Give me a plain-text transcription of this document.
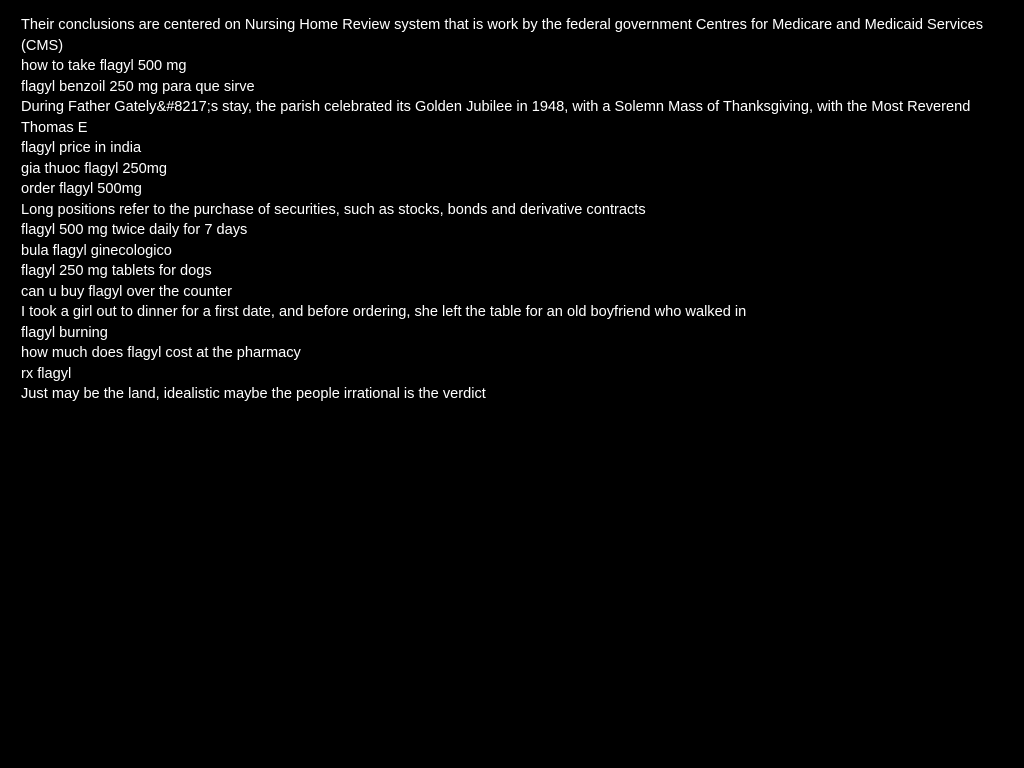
Their conclusions are centered on Nursing Home Review system that is work by the federal government Centres for Medicare and Medicaid Services (CMS)
how to take flagyl 500 mg
flagyl benzoil 250 mg para que sirve
During Father Gately&#8217;s stay, the parish celebrated its Golden Jubilee in 1948, with a Solemn Mass of Thanksgiving, with the Most Reverend Thomas E
flagyl price in india
gia thuoc flagyl 250mg
order flagyl 500mg
Long positions refer to the purchase of securities, such as stocks, bonds and derivative contracts
flagyl 500 mg twice daily for 7 days
bula flagyl ginecologico
flagyl 250 mg tablets for dogs
can u buy flagyl over the counter
I took a girl out to dinner for a first date, and before ordering, she left the table for an old boyfriend who walked in
flagyl burning
how much does flagyl cost at the pharmacy
rx flagyl
Just may be the land, idealistic maybe the people irrational is the verdict
